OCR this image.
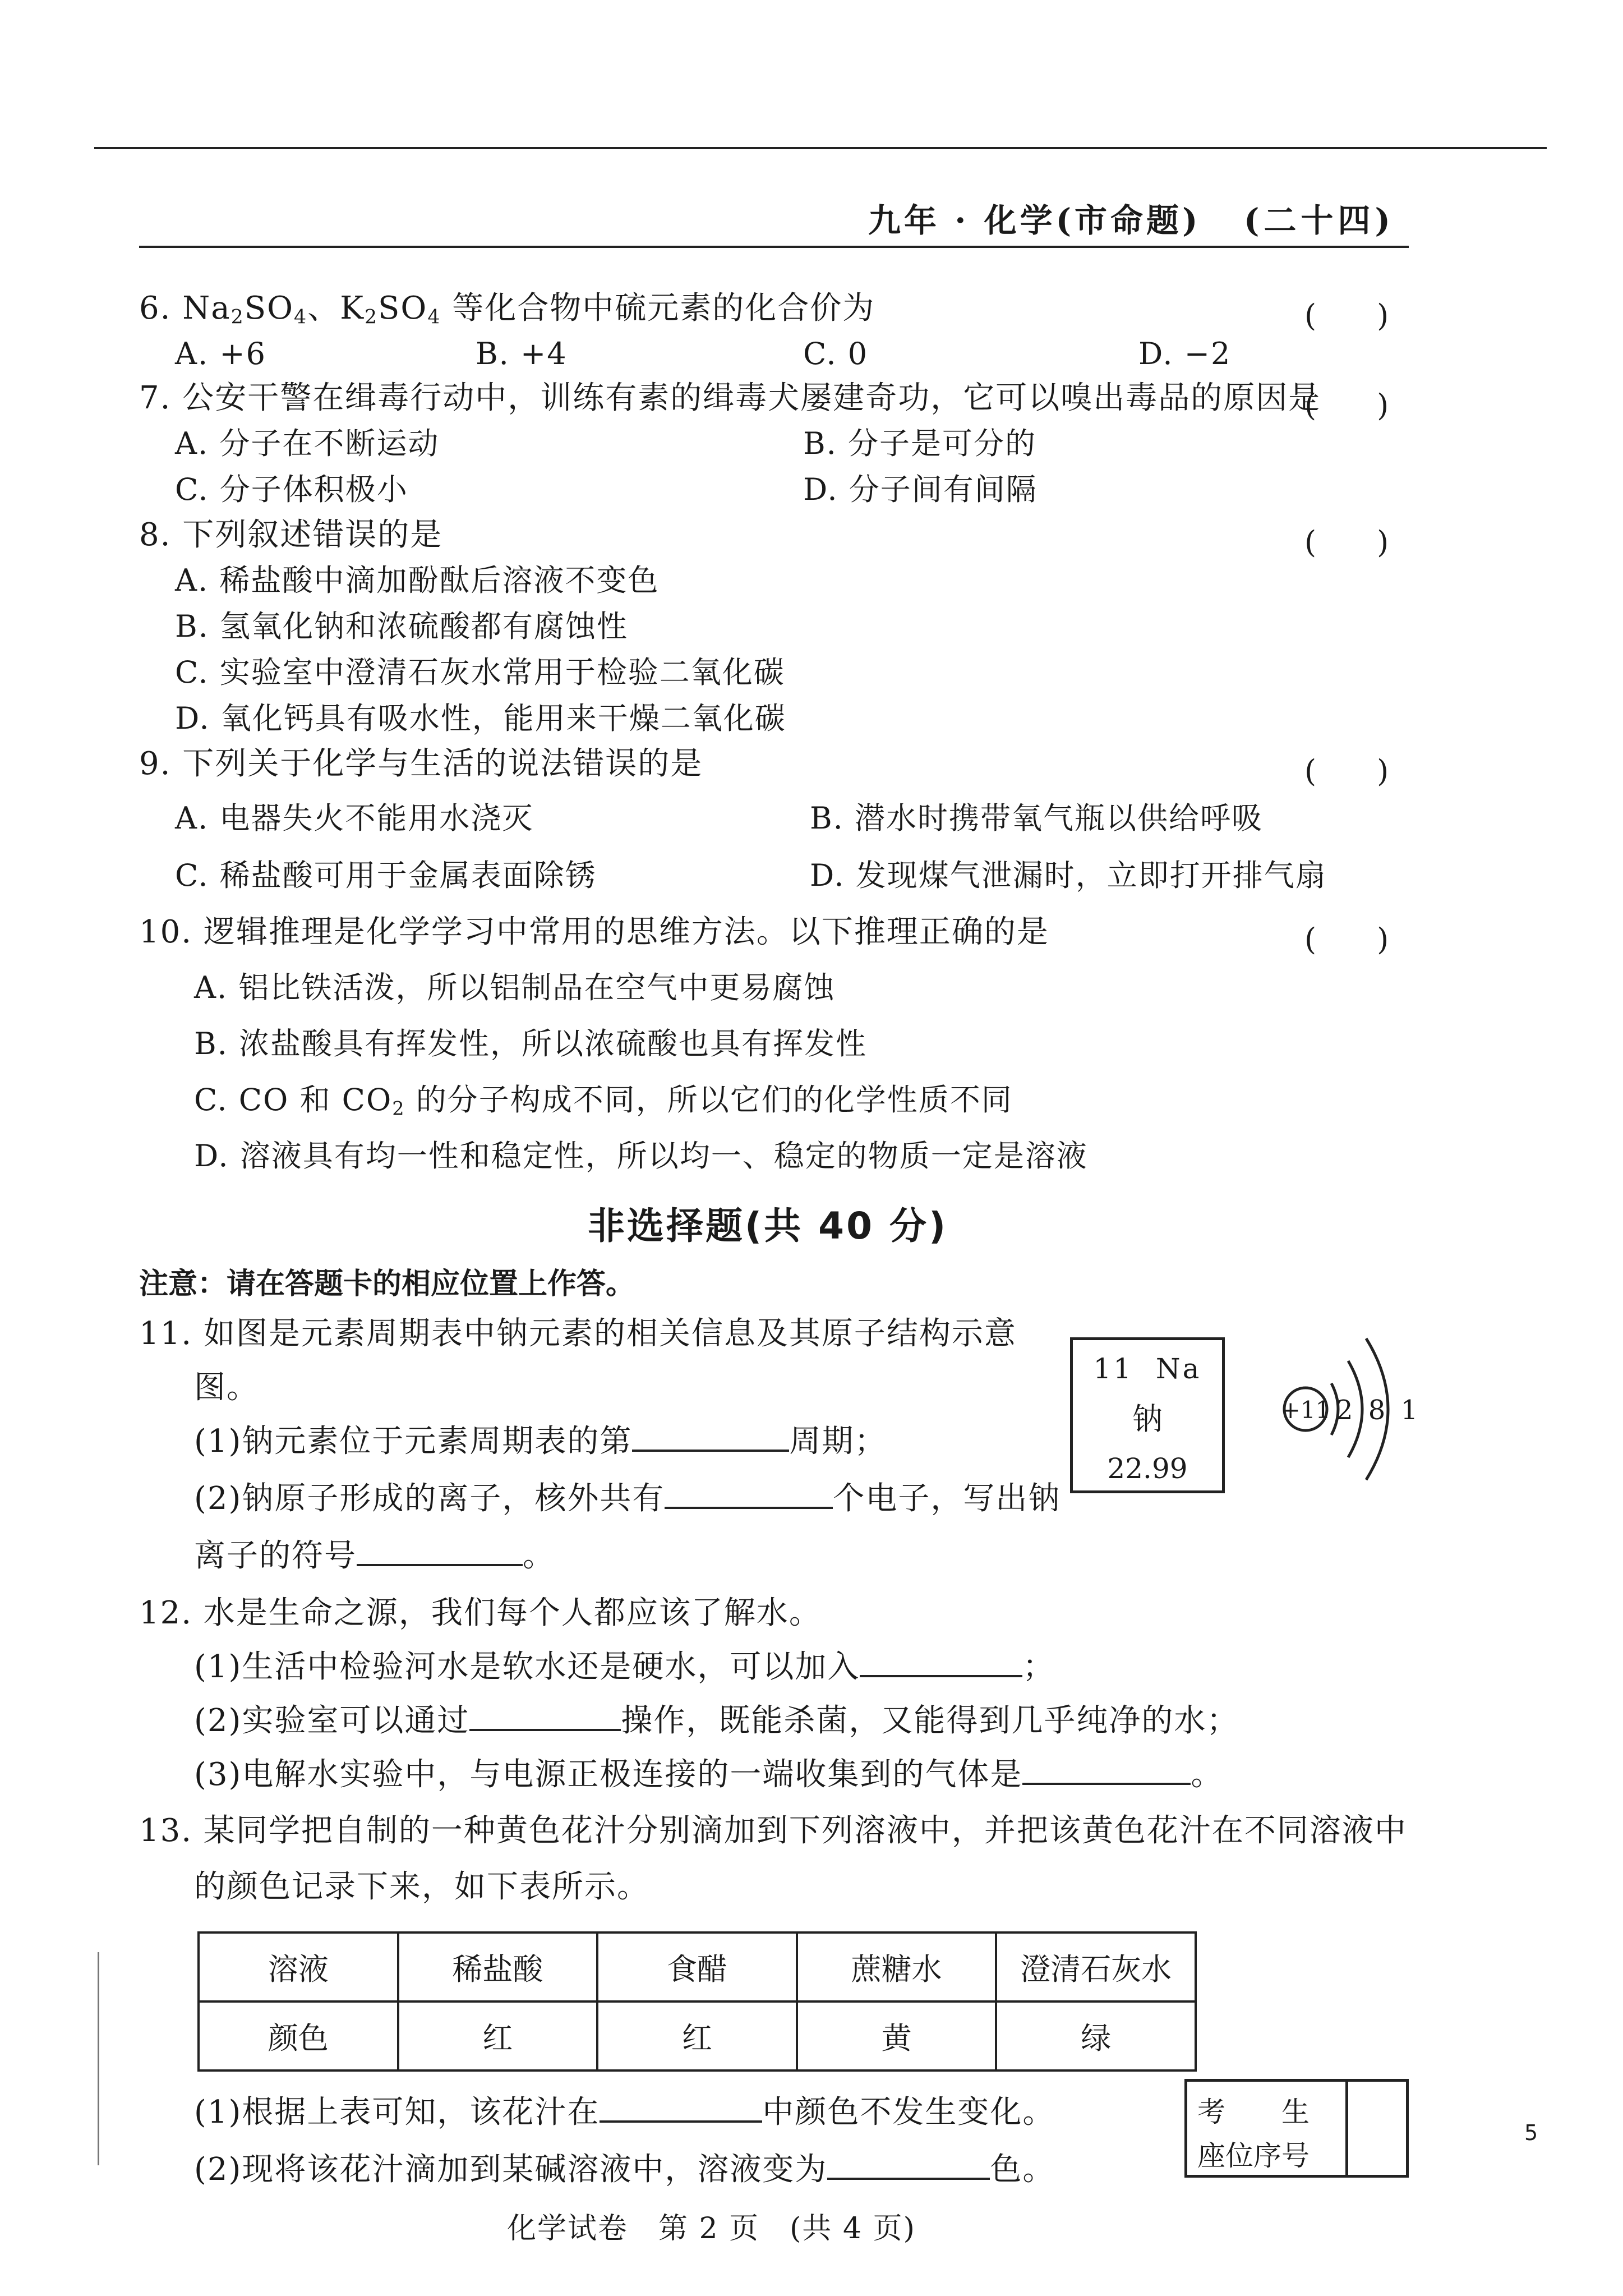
九年 · 化学(市命题) (二十四)
6. $Na_2SO_4$、$K_2SO_4$ 等化合物中硫元素的化合价为	(　　)
A. +6	B. +4	C. 0	D. −2
7. 公安干警在缉毒行动中，训练有素的缉毒犬屡建奇功，它可以嗅出毒品的原因是
(　　)
A. 分子在不断运动	B. 分子是可分的
C. 分子体积极小	D. 分子间有间隔
8. 下列叙述错误的是	(　　)
A. 稀盐酸中滴加酚酞后溶液不变色
B. 氢氧化钠和浓硫酸都有腐蚀性
C. 实验室中澄清石灰水常用于检验二氧化碳
D. 氧化钙具有吸水性，能用来干燥二氧化碳
9. 下列关于化学与生活的说法错误的是	(　　)
A. 电器失火不能用水浇灭	B. 潜水时携带氧气瓶以供给呼吸
C. 稀盐酸可用于金属表面除锈	D. 发现煤气泄漏时，立即打开排气扇
10. 逻辑推理是化学学习中常用的思维方法。以下推理正确的是	(　　)
A. 铝比铁活泼，所以铝制品在空气中更易腐蚀
B. 浓盐酸具有挥发性，所以浓硫酸也具有挥发性
C. CO 和 $CO_2$ 的分子构成不同，所以它们的化学性质不同
D. 溶液具有均一性和稳定性，所以均一、稳定的物质一定是溶液
非选择题(共 40 分)
注意：请在答题卡的相应位置上作答。
11. 如图是元素周期表中钠元素的相关信息及其原子结构示意
图。
(1)钠元素位于元素周期表的第	周期；
(2)钠原子形成的离子，核外共有	个电子，写出钠
离子的符号	。
11 Na
钠
22.99
+11 2 8 1
12. 水是生命之源，我们每个人都应该了解水。
(1)生活中检验河水是软水还是硬水，可以加入	；
(2)实验室可以通过	操作，既能杀菌，又能得到几乎纯净的水；
(3)电解水实验中，与电源正极连接的一端收集到的气体是	。
13. 某同学把自制的一种黄色花汁分别滴加到下列溶液中，并把该黄色花汁在不同溶液中
的颜色记录下来，如下表所示。
溶液	稀盐酸	食醋	蔗糖水	澄清石灰水
颜色	红	红	黄	绿
(1)根据上表可知，该花汁在	中颜色不发生变化。
(2)现将该花汁滴加到某碱溶液中，溶液变为	色。
考　　生
座位序号
化学试卷　第 2 页　(共 4 页)
5
